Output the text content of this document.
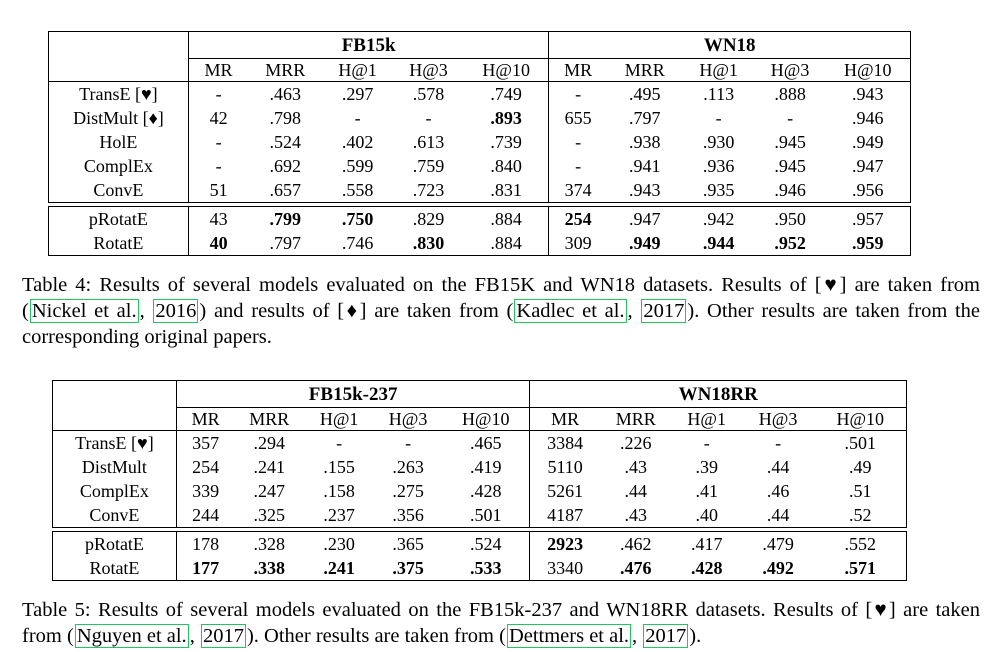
	FB15k					WN18				
	MR	MRR	H@1	H@3	H@10	MR	MRR	H@1	H@3	H@10
TransE [♥]	-	.463	.297	.578	.749	-	.495	.113	.888	.943
DistMult [♦]	42	.798	-	-	.893	655	.797	-	-	.946
HolE	-	.524	.402	.613	.739	-	.938	.930	.945	.949
ComplEx	-	.692	.599	.759	.840	-	.941	.936	.945	.947
ConvE	51	.657	.558	.723	.831	374	.943	.935	.946	.956

pRotatE	43	.799	.750	.829	.884	254	.947	.942	.950	.957
RotatE	40	.797	.746	.830	.884	309	.949	.944	.952	.959
Table 4: Results of several models evaluated on the FB15K and WN18 datasets. Results of [♥] are taken from ( Nickel et al. , 2016 ) and results of [♦] are taken from ( Kadlec et al. , 2017 ). Other results are taken from the corresponding original papers.
	FB15k-237					WN18RR				
	MR	MRR	H@1	H@3	H@10	MR	MRR	H@1	H@3	H@10
TransE [♥]	357	.294	-	-	.465	3384	.226	-	-	.501
DistMult	254	.241	.155	.263	.419	5110	.43	.39	.44	.49
ComplEx	339	.247	.158	.275	.428	5261	.44	.41	.46	.51
ConvE	244	.325	.237	.356	.501	4187	.43	.40	.44	.52

pRotatE	178	.328	.230	.365	.524	2923	.462	.417	.479	.552
RotatE	177	.338	.241	.375	.533	3340	.476	.428	.492	.571
Table 5: Results of several models evaluated on the FB15k-237 and WN18RR datasets. Results of [♥] are taken from ( Nguyen et al. , 2017 ). Other results are taken from ( Dettmers et al. , 2017 ).
